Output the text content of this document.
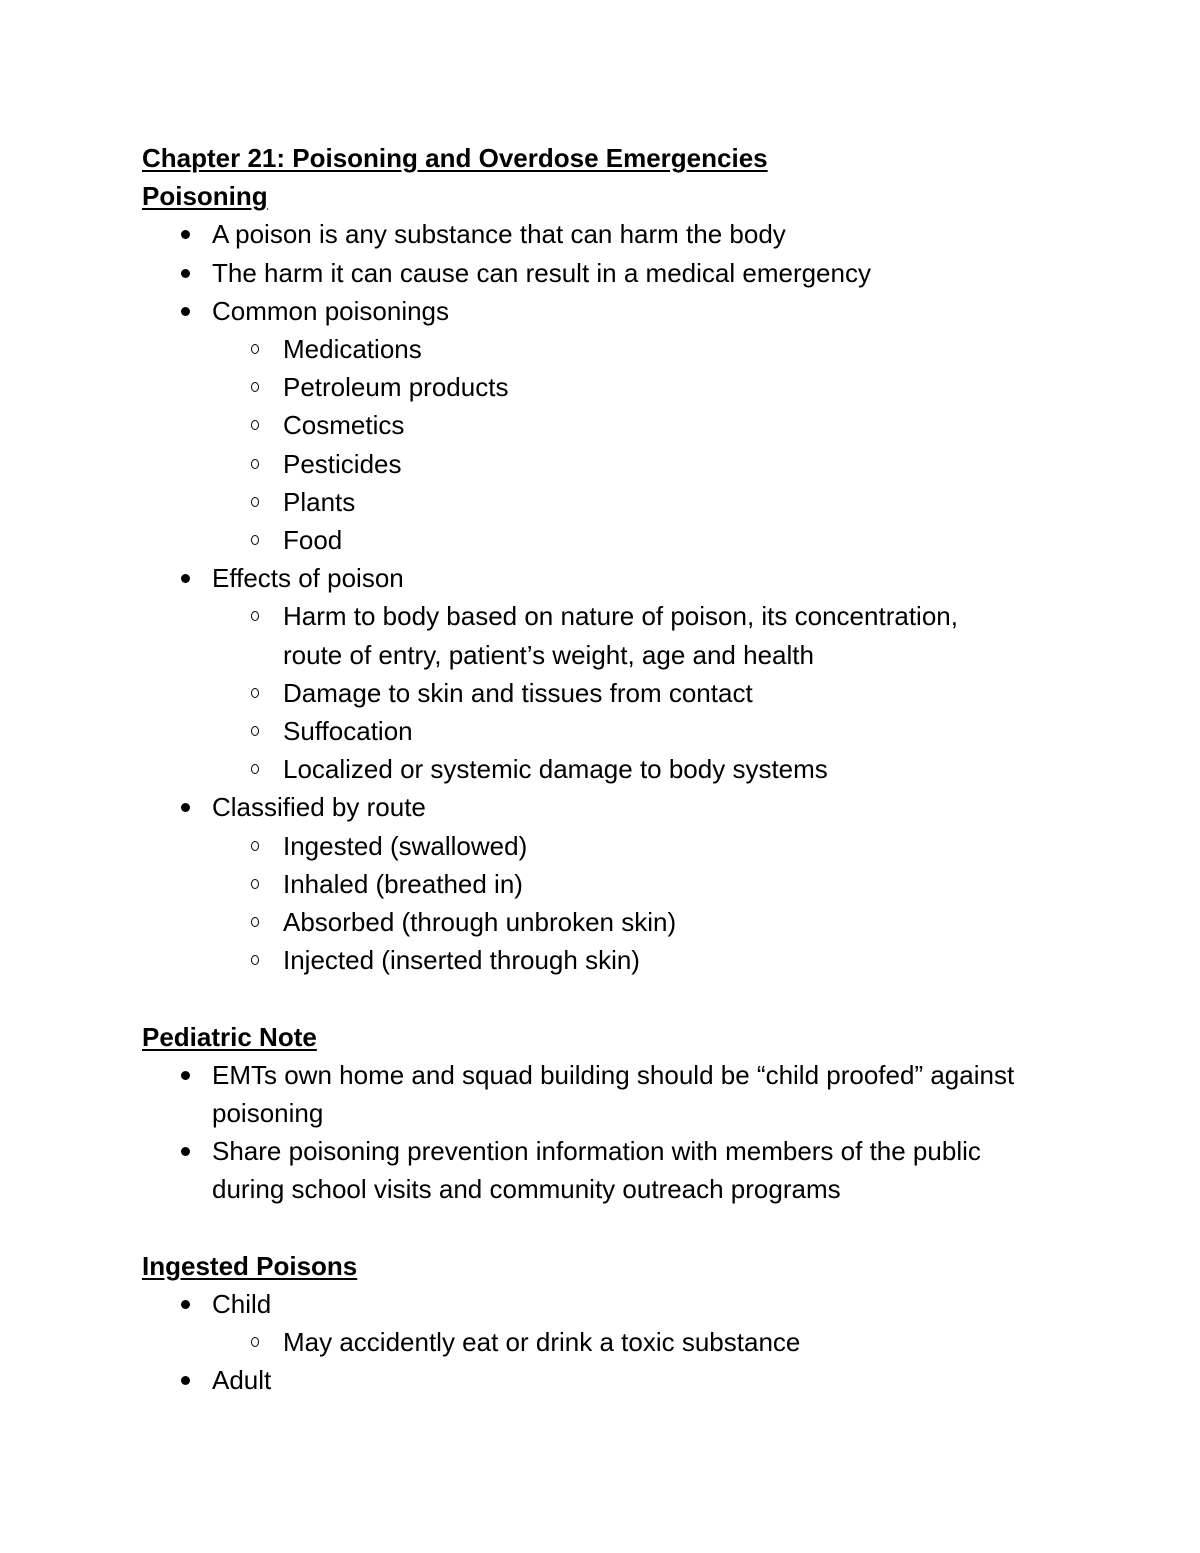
Chapter 21: Poisoning and Overdose Emergencies

Poisoning

A poison is any substance that can harm the body
The harm it can cause can result in a medical emergency
Common poisonings
Medications
Petroleum products
Cosmetics
Pesticides
Plants
Food
Effects of poison
Harm to body based on nature of poison, its concentration, route of entry, patient’s weight, age and health
Damage to skin and tissues from contact
Suffocation
Localized or systemic damage to body systems
Classified by route
Ingested (swallowed)
Inhaled (breathed in)
Absorbed (through unbroken skin)
Injected (inserted through skin)

Pediatric Note

EMTs own home and squad building should be “child proofed” against poisoning
Share poisoning prevention information with members of the public during school visits and community outreach programs

Ingested Poisons

Child
May accidently eat or drink a toxic substance
Adult
